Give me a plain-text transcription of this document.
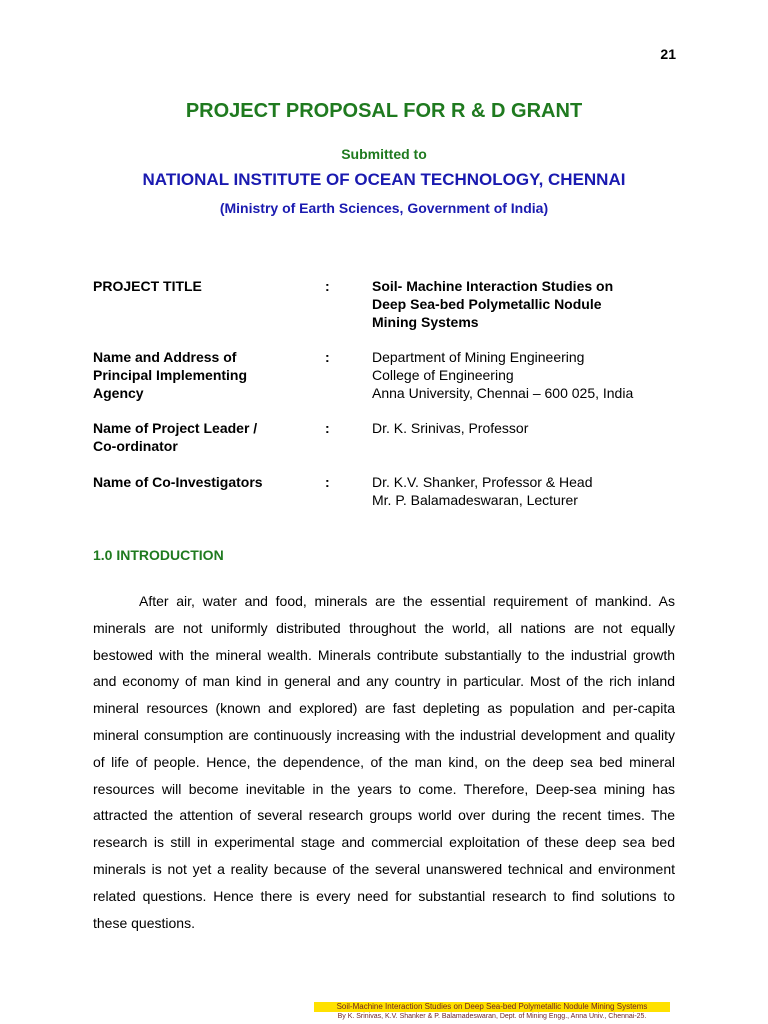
21
PROJECT PROPOSAL FOR R & D GRANT
Submitted to
NATIONAL INSTITUTE OF OCEAN TECHNOLOGY, CHENNAI
(Ministry of Earth Sciences, Government of India)
PROJECT TITLE	:	Soil- Machine Interaction Studies on
Deep Sea-bed Polymetallic Nodule
Mining Systems
Name and Address of
Principal Implementing
Agency
:	Department of Mining Engineering
College of Engineering
Anna University, Chennai – 600 025, India
Name of Project Leader /
Co-ordinator
:	Dr. K. Srinivas, Professor
Name of Co-Investigators	:	Dr. K.V. Shanker, Professor & Head
Mr. P. Balamadeswaran, Lecturer
1.0 INTRODUCTION
After air, water and food, minerals are the essential requirement of mankind. As minerals are not uniformly distributed throughout the world, all nations are not equally bestowed with the mineral wealth. Minerals contribute substantially to the industrial growth and economy of man kind in general and any country in particular. Most of the rich inland mineral resources (known and explored) are fast depleting as population and per-capita mineral consumption are continuously increasing with the industrial development and quality of life of people. Hence, the dependence, of the man kind, on the deep sea bed mineral resources will become inevitable in the years to come. Therefore, Deep-sea mining has attracted the attention of several research groups world over during the recent times. The research is still in experimental stage and commercial exploitation of these deep sea bed minerals is not yet a reality because of the several unanswered technical and environment related questions. Hence there is every need for substantial research to find solutions to these questions.
Soil-Machine Interaction Studies on Deep Sea-bed Polymetallic Nodule Mining Systems
By K. Srinivas, K.V. Shanker & P. Balamadeswaran, Dept. of Mining Engg., Anna Univ., Chennai-25.
